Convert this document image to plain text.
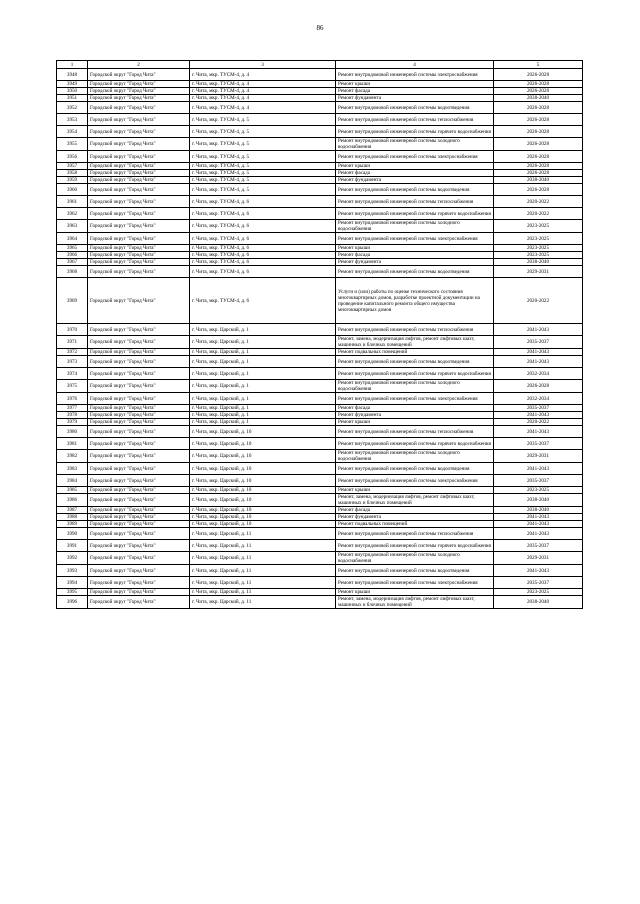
86
1	2	3	4	5
3948	Городской округ "Город Чита"	г. Чита, мкр. ТУСМ-4, д. 4	Ремонт внутридомовой инженерной системы электроснабжения	2026-2028
3949	Городской округ "Город Чита"	г. Чита, мкр. ТУСМ-4, д. 4	Ремонт крыши	2026-2028
3950	Городской округ "Город Чита"	г. Чита, мкр. ТУСМ-4, д. 4	Ремонт фасада	2026-2028
3951	Городской округ "Город Чита"	г. Чита, мкр. ТУСМ-4, д. 4	Ремонт фундамента	2038-2040
3952	Городской округ "Город Чита"	г. Чита, мкр. ТУСМ-4, д. 4	Ремонт внутридомовой инженерной системы водоотведения	2026-2028
3953	Городской округ "Город Чита"	г. Чита, мкр. ТУСМ-4, д. 5	Ремонт внутридомовой инженерной системы теплоснабжения	2026-2028
3954	Городской округ "Город Чита"	г. Чита, мкр. ТУСМ-4, д. 5	Ремонт внутридомовой инженерной системы горячего водоснабжения	2026-2028
3955	Городской округ "Город Чита"	г. Чита, мкр. ТУСМ-4, д. 5	Ремонт внутридомовой инженерной системы холодного водоснабжения	2026-2028
3956	Городской округ "Город Чита"	г. Чита, мкр. ТУСМ-4, д. 5	Ремонт внутридомовой инженерной системы электроснабжения	2026-2028
3957	Городской округ "Город Чита"	г. Чита, мкр. ТУСМ-4, д. 5	Ремонт крыши	2026-2028
3958	Городской округ "Город Чита"	г. Чита, мкр. ТУСМ-4, д. 5	Ремонт фасада	2026-2028
3959	Городской округ "Город Чита"	г. Чита, мкр. ТУСМ-4, д. 5	Ремонт фундамента	2038-2040
3960	Городской округ "Город Чита"	г. Чита, мкр. ТУСМ-4, д. 5	Ремонт внутридомовой инженерной системы водоотведения	2026-2028
3961	Городской округ "Город Чита"	г. Чита, мкр. ТУСМ-4, д. 6	Ремонт внутридомовой инженерной системы теплоснабжения	2020-2022
3962	Городской округ "Город Чита"	г. Чита, мкр. ТУСМ-4, д. 6	Ремонт внутридомовой инженерной системы горячего водоснабжения	2020-2022
3963	Городской округ "Город Чита"	г. Чита, мкр. ТУСМ-4, д. 6	Ремонт внутридомовой инженерной системы холодного водоснабжения	2023-2025
3964	Городской округ "Город Чита"	г. Чита, мкр. ТУСМ-4, д. 6	Ремонт внутридомовой инженерной системы электроснабжения	2023-2025
3965	Городской округ "Город Чита"	г. Чита, мкр. ТУСМ-4, д. 6	Ремонт крыши	2023-2025
3966	Городской округ "Город Чита"	г. Чита, мкр. ТУСМ-4, д. 6	Ремонт фасада	2023-2025
3967	Городской округ "Город Чита"	г. Чита, мкр. ТУСМ-4, д. 6	Ремонт фундамента	2038-2040
3968	Городской округ "Город Чита"	г. Чита, мкр. ТУСМ-4, д. 6	Ремонт внутридомовой инженерной системы водоотведения	2029-2031
3969	Городской округ "Город Чита"	г. Чита, мкр. ТУСМ-4, д. 6	Услуги и (или) работы по оценке технического состояния многоквартирных домов, разработке проектной документации на проведение капитального ремонта общего имущества многоквартирных домов	2020-2022
3970	Городской округ "Город Чита"	г. Чита, мкр. Царский, д. 1	Ремонт внутридомовой инженерной системы теплоснабжения	2041-2043
3971	Городской округ "Город Чита"	г. Чита, мкр. Царский, д. 1	Ремонт, замена, модернизация лифтов, ремонт лифтовых шахт, машинных и блочных помещений	2035-2037
3972	Городской округ "Город Чита"	г. Чита, мкр. Царский, д. 1	Ремонт подвальных помещений	2041-2043
3973	Городской округ "Город Чита"	г. Чита, мкр. Царский, д. 1	Ремонт внутридомовой инженерной системы водоотведения	2041-2043
3974	Городской округ "Город Чита"	г. Чита, мкр. Царский, д. 1	Ремонт внутридомовой инженерной системы горячего водоснабжения	2032-2034
3975	Городской округ "Город Чита"	г. Чита, мкр. Царский, д. 1	Ремонт внутридомовой инженерной системы холодного водоснабжения	2026-2028
3976	Городской округ "Город Чита"	г. Чита, мкр. Царский, д. 1	Ремонт внутридомовой инженерной системы электроснабжения	2032-2034
3977	Городской округ "Город Чита"	г. Чита, мкр. Царский, д. 1	Ремонт фасада	2035-2037
3978	Городской округ "Город Чита"	г. Чита, мкр. Царский, д. 1	Ремонт фундамента	2041-2043
3979	Городской округ "Город Чита"	г. Чита, мкр. Царский, д. 1	Ремонт крыши	2020-2022
3980	Городской округ "Город Чита"	г. Чита, мкр. Царский, д. 10	Ремонт внутридомовой инженерной системы теплоснабжения	2041-2043
3981	Городской округ "Город Чита"	г. Чита, мкр. Царский, д. 10	Ремонт внутридомовой инженерной системы горячего водоснабжения	2035-2037
3982	Городской округ "Город Чита"	г. Чита, мкр. Царский, д. 10	Ремонт внутридомовой инженерной системы холодного водоснабжения	2029-2031
3983	Городской округ "Город Чита"	г. Чита, мкр. Царский, д. 10	Ремонт внутридомовой инженерной системы водоотведения	2041-2043
3984	Городской округ "Город Чита"	г. Чита, мкр. Царский, д. 10	Ремонт внутридомовой инженерной системы электроснабжения	2035-2037
3985	Городской округ "Город Чита"	г. Чита, мкр. Царский, д. 10	Ремонт крыши	2023-2025
3986	Городской округ "Город Чита"	г. Чита, мкр. Царский, д. 10	Ремонт, замена, модернизация лифтов, ремонт лифтовых шахт, машинных и блочных помещений	2038-2040
3987	Городской округ "Город Чита"	г. Чита, мкр. Царский, д. 10	Ремонт фасада	2038-2040
3988	Городской округ "Город Чита"	г. Чита, мкр. Царский, д. 10	Ремонт фундамента	2041-2043
3989	Городской округ "Город Чита"	г. Чита, мкр. Царский, д. 10	Ремонт подвальных помещений	2041-2043
3990	Городской округ "Город Чита"	г. Чита, мкр. Царский, д. 11	Ремонт внутридомовой инженерной системы теплоснабжения	2041-2043
3991	Городской округ "Город Чита"	г. Чита, мкр. Царский, д. 11	Ремонт внутридомовой инженерной системы горячего водоснабжения	2035-2037
3992	Городской округ "Город Чита"	г. Чита, мкр. Царский, д. 11	Ремонт внутридомовой инженерной системы холодного водоснабжения	2029-2031
3993	Городской округ "Город Чита"	г. Чита, мкр. Царский, д. 11	Ремонт внутридомовой инженерной системы водоотведения	2041-2043
3994	Городской округ "Город Чита"	г. Чита, мкр. Царский, д. 11	Ремонт внутридомовой инженерной системы электроснабжения	2035-2037
3995	Городской округ "Город Чита"	г. Чита, мкр. Царский, д. 11	Ремонт крыши	2023-2025
3996	Городской округ "Город Чита"	г. Чита, мкр. Царский, д. 11	Ремонт, замена, модернизация лифтов, ремонт лифтовых шахт, машинных и блочных помещений	2038-2040
